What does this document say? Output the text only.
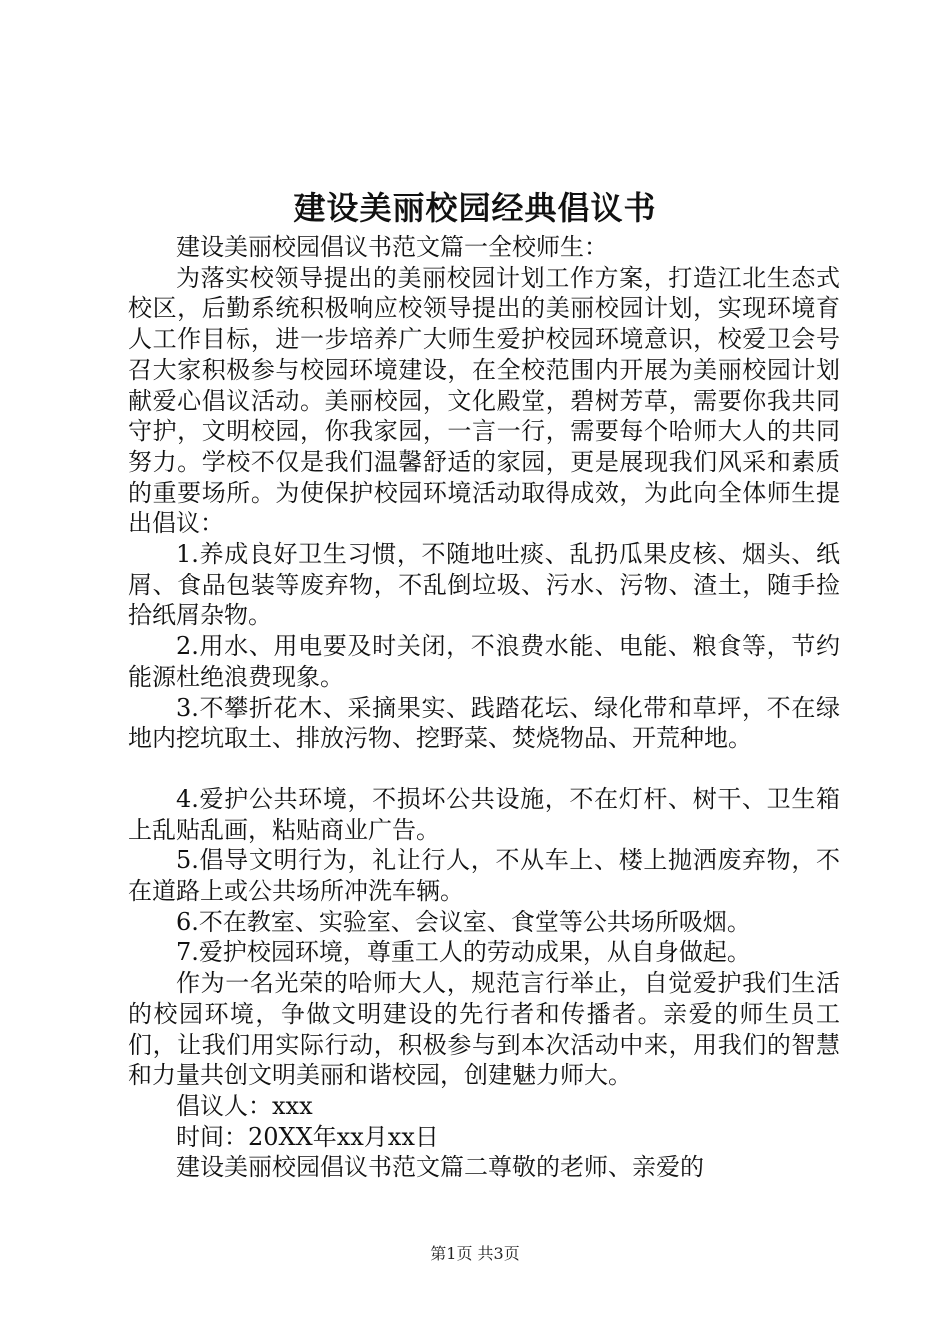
建设美丽校园经典倡议书

建设美丽校园倡议书范文篇一全校师生：

为落实校领导提出的美丽校园计划工作方案，打造江北生态式校区，后勤系统积极响应校领导提出的美丽校园计划，实现环境育人工作目标，进一步培养广大师生爱护校园环境意识，校爱卫会号召大家积极参与校园环境建设，在全校范围内开展为美丽校园计划献爱心倡议活动。美丽校园，文化殿堂，碧树芳草，需要你我共同守护，文明校园，你我家园，一言一行，需要每个哈师大人的共同努力。学校不仅是我们温馨舒适的家园，更是展现我们风采和素质的重要场所。为使保护校园环境活动取得成效，为此向全体师生提出倡议：

1.养成良好卫生习惯，不随地吐痰、乱扔瓜果皮核、烟头、纸屑、食品包装等废弃物，不乱倒垃圾、污水、污物、渣土，随手捡拾纸屑杂物。

2.用水、用电要及时关闭，不浪费水能、电能、粮食等，节约能源杜绝浪费现象。

3.不攀折花木、采摘果实、践踏花坛、绿化带和草坪，不在绿地内挖坑取土、排放污物、挖野菜、焚烧物品、开荒种地。

4.爱护公共环境，不损坏公共设施，不在灯杆、树干、卫生箱上乱贴乱画，粘贴商业广告。

5.倡导文明行为，礼让行人，不从车上、楼上抛洒废弃物，不在道路上或公共场所冲洗车辆。

6.不在教室、实验室、会议室、食堂等公共场所吸烟。

7.爱护校园环境，尊重工人的劳动成果，从自身做起。

作为一名光荣的哈师大人，规范言行举止，自觉爱护我们生活的校园环境，争做文明建设的先行者和传播者。亲爱的师生员工们，让我们用实际行动，积极参与到本次活动中来，用我们的智慧和力量共创文明美丽和谐校园，创建魅力师大。

倡议人：xxx

时间：20XX年xx月xx日

建设美丽校园倡议书范文篇二尊敬的老师、亲爱的

第1页 共3页
